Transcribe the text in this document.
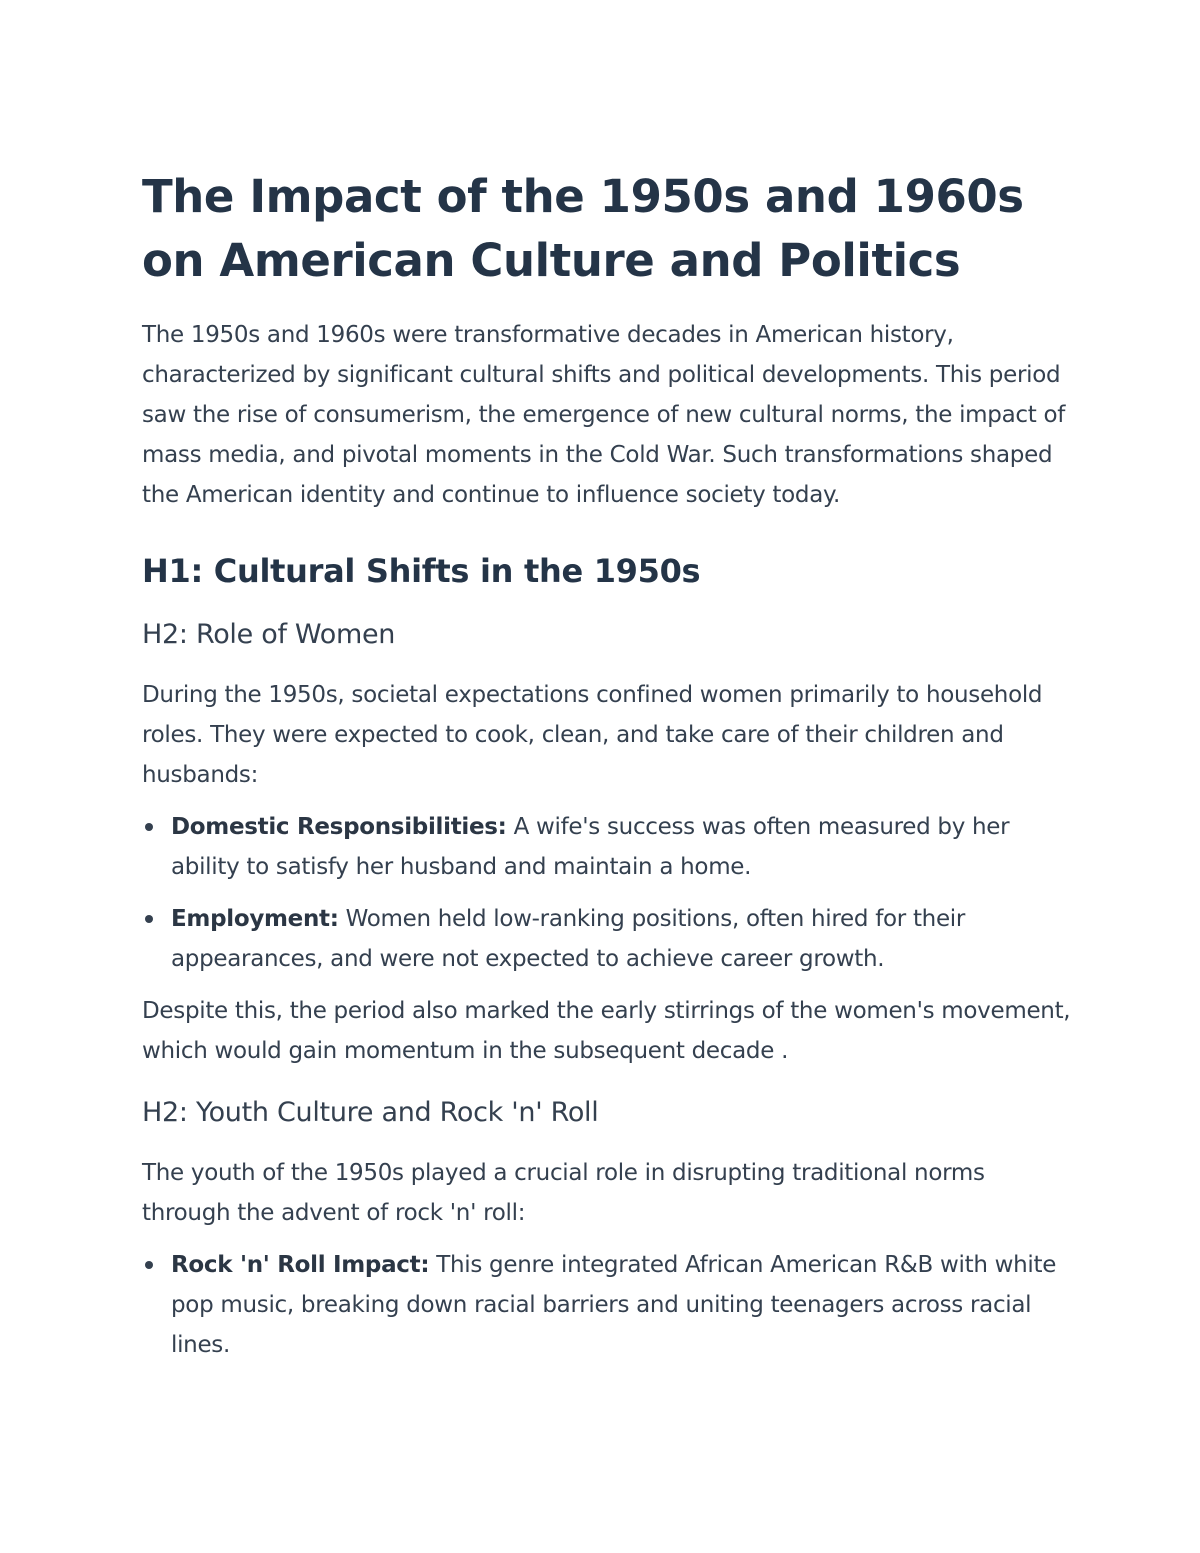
The Impact of the 1950s and 1960s on American Culture and Politics

The 1950s and 1960s were transformative decades in American history, characterized by significant cultural shifts and political developments. This period saw the rise of consumerism, the emergence of new cultural norms, the impact of mass media, and pivotal moments in the Cold War. Such transformations shaped the American identity and continue to influence society today.

H1: Cultural Shifts in the 1950s
H2: Role of Women

During the 1950s, societal expectations confined women primarily to household roles. They were expected to cook, clean, and take care of their children and husbands:

Domestic Responsibilities: A wife's success was often measured by her ability to satisfy her husband and maintain a home.
Employment: Women held low-ranking positions, often hired for their appearances, and were not expected to achieve career growth.

Despite this, the period also marked the early stirrings of the women's movement, which would gain momentum in the subsequent decade .

H2: Youth Culture and Rock 'n' Roll

The youth of the 1950s played a crucial role in disrupting traditional norms through the advent of rock 'n' roll:

Rock 'n' Roll Impact: This genre integrated African American R&B with white pop music, breaking down racial barriers and uniting teenagers across racial lines.
